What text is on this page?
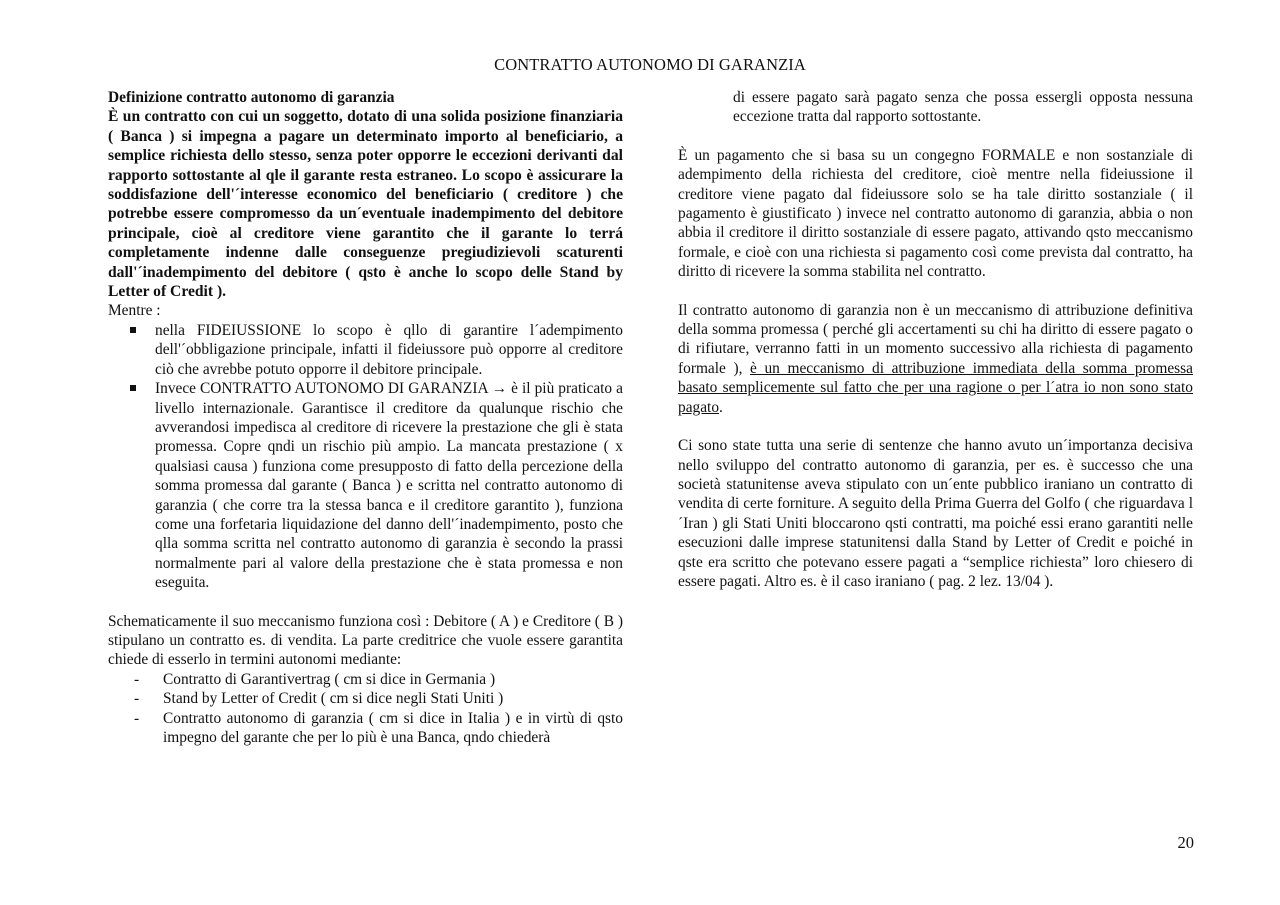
CONTRATTO AUTONOMO DI GARANZIA

Definizione contratto autonomo di garanzia

È un contratto con cui un soggetto, dotato di una solida posizione finanziaria ( Banca ) si impegna a pagare un determinato importo al beneficiario, a semplice richiesta dello stesso, senza poter opporre le eccezioni derivanti dal rapporto sottostante al qle il garante resta estraneo. Lo scopo è assicurare la soddisfazione dell'´interesse economico del beneficiario ( creditore ) che potrebbe essere compromesso da un´eventuale inadempimento del debitore principale, cioè al creditore viene garantito che il garante lo terrá completamente indenne dalle conseguenze pregiudizievoli scaturenti dall'´inadempimento del debitore ( qsto è anche lo scopo delle Stand by Letter of Credit ).

Mentre :

nella FIDEIUSSIONE lo scopo è qllo di garantire l´adempimento dell'´obbligazione principale, infatti il fideiussore può opporre al creditore ciò che avrebbe potuto opporre il debitore principale.
Invece CONTRATTO AUTONOMO DI GARANZIA → è il più praticato a livello internazionale. Garantisce il creditore da qualunque rischio che avverandosi impedisca al creditore di ricevere la prestazione che gli è stata promessa. Copre qndi un rischio più ampio. La mancata prestazione ( x qualsiasi causa ) funziona come presupposto di fatto della percezione della somma promessa dal garante ( Banca ) e scritta nel contratto autonomo di garanzia ( che corre tra la stessa banca e il creditore garantito ), funziona come una forfetaria liquidazione del danno dell'´inadempimento, posto che qlla somma scritta nel contratto autonomo di garanzia è secondo la prassi normalmente pari al valore della prestazione che è stata promessa e non eseguita.

Schematicamente il suo meccanismo funziona così : Debitore ( A ) e Creditore ( B ) stipulano un contratto es. di vendita. La parte creditrice che vuole essere garantita chiede di esserlo in termini autonomi mediante:

- Contratto di Garantivertrag ( cm si dice in Germania )
- Stand by Letter of Credit ( cm si dice negli Stati Uniti )
- Contratto autonomo di garanzia ( cm si dice in Italia ) e in virtù di qsto impegno del garante che per lo più è una Banca, qndo chiederà

di essere pagato sarà pagato senza che possa essergli opposta nessuna eccezione tratta dal rapporto sottostante.

È un pagamento che si basa su un congegno FORMALE e non sostanziale di adempimento della richiesta del creditore, cioè mentre nella fideiussione il creditore viene pagato dal fideiussore solo se ha tale diritto sostanziale ( il pagamento è giustificato ) invece nel contratto autonomo di garanzia, abbia o non abbia il creditore il diritto sostanziale di essere pagato, attivando qsto meccanismo formale, e cioè con una richiesta si pagamento così come prevista dal contratto, ha diritto di ricevere la somma stabilita nel contratto.

Il contratto autonomo di garanzia non è un meccanismo di attribuzione definitiva della somma promessa ( perché gli accertamenti su chi ha diritto di essere pagato o di rifiutare, verranno fatti in un momento successivo alla richiesta di pagamento formale ), è un meccanismo di attribuzione immediata della somma promessa basato semplicemente sul fatto che per una ragione o per l´atra io non sono stato pagato.

Ci sono state tutta una serie di sentenze che hanno avuto un´importanza decisiva nello sviluppo del contratto autonomo di garanzia, per es. è successo che una società statunitense aveva stipulato con un´ente pubblico iraniano un contratto di vendita di certe forniture. A seguito della Prima Guerra del Golfo ( che riguardava l´Iran ) gli Stati Uniti bloccarono qsti contratti, ma poiché essi erano garantiti nelle esecuzioni dalle imprese statunitensi dalla Stand by Letter of Credit e poiché in qste era scritto che potevano essere pagati a “semplice richiesta” loro chiesero di essere pagati. Altro es. è il caso iraniano ( pag. 2 lez. 13/04 ).

20
